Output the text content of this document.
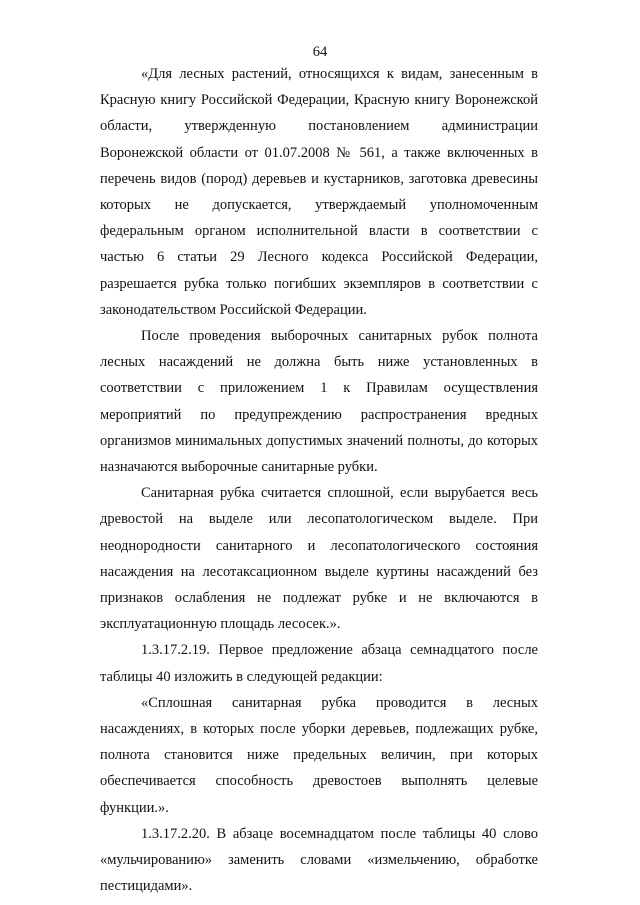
64

«Для лесных растений, относящихся к видам, занесенным в Красную книгу Российской Федерации, Красную книгу Воронежской области, утвержденную постановлением администрации Воронежской области от 01.07.2008 № 561, а также включенных в перечень видов (пород) деревьев и кустарников, заготовка древесины которых не допускается, утверждаемый уполномоченным федеральным органом исполнительной власти в соответствии с частью 6 статьи 29 Лесного кодекса Российской Федерации, разрешается рубка только погибших экземпляров в соответствии с законодательством Российской Федерации.

После проведения выборочных санитарных рубок полнота лесных насаждений не должна быть ниже установленных в соответствии с приложением 1 к Правилам осуществления мероприятий по предупреждению распространения вредных организмов минимальных допустимых значений полноты, до которых назначаются выборочные санитарные рубки.

Санитарная рубка считается сплошной, если вырубается весь древостой на выделе или лесопатологическом выделе. При неоднородности санитарного и лесопатологического состояния насаждения на лесотаксационном выделе куртины насаждений без признаков ослабления не подлежат рубке и не включаются в эксплуатационную площадь лесосек.».

1.3.17.2.19. Первое предложение абзаца семнадцатого после таблицы 40 изложить в следующей редакции:

«Сплошная санитарная рубка проводится в лесных насаждениях, в которых после уборки деревьев, подлежащих рубке, полнота становится ниже предельных величин, при которых обеспечивается способность древостоев выполнять целевые функции.».

1.3.17.2.20. В абзаце восемнадцатом после таблицы 40 слово «мульчированию» заменить словами «измельчению, обработке пестицидами».
